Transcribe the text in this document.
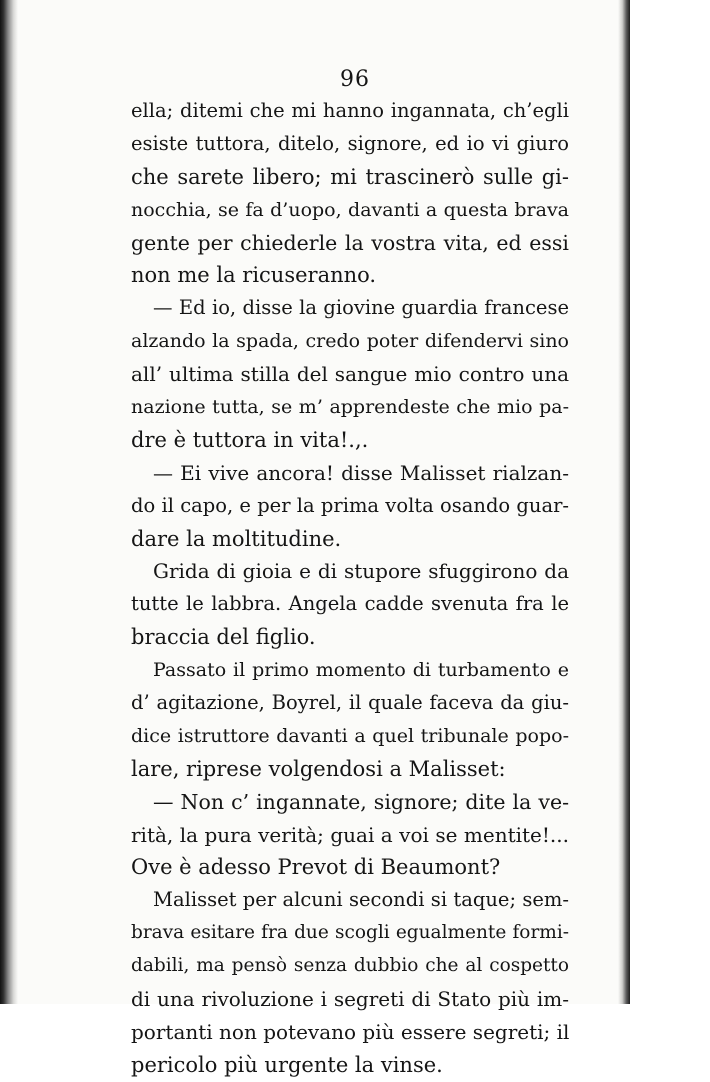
96
ella; ditemi che mi hanno ingannata, ch’egli
esiste tuttora, ditelo, signore, ed io vi giuro
che sarete libero; mi trascinerò sulle gi-
nocchia, se fa d’uopo, davanti a questa brava
gente per chiederle la vostra vita, ed essi
non me la ricuseranno.
— Ed io, disse la giovine guardia francese
alzando la spada, credo poter difendervi sino
all’ ultima stilla del sangue mio contro una
nazione tutta, se m’ apprendeste che mio pa-
dre è tuttora in vita!.,.
— Ei vive ancora! disse Malisset rialzan-
do il capo, e per la prima volta osando guar-
dare la moltitudine.
Grida di gioia e di stupore sfuggirono da
tutte le labbra. Angela cadde svenuta fra le
braccia del figlio.
Passato il primo momento di turbamento e
d’ agitazione, Boyrel, il quale faceva da giu-
dice istruttore davanti a quel tribunale popo-
lare, riprese volgendosi a Malisset:
— Non c’ ingannate, signore; dite la ve-
rità, la pura verità; guai a voi se mentite!...
Ove è adesso Prevot di Beaumont?
Malisset per alcuni secondi si taque; sem-
brava esitare fra due scogli egualmente formi-
dabili, ma pensò senza dubbio che al cospetto
di una rivoluzione i segreti di Stato più im-
portanti non potevano più essere segreti; il
pericolo più urgente la vinse.
